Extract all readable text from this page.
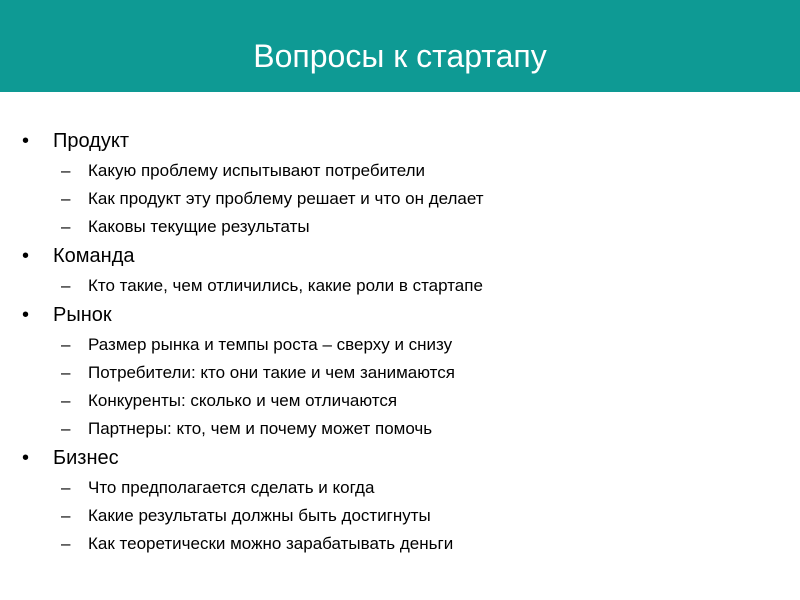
Вопросы к стартапу
• Продукт
– Какую проблему испытывают потребители
– Как продукт эту проблему решает и что он делает
– Каковы текущие результаты
• Команда
– Кто такие, чем отличились, какие роли в стартапе
• Рынок
– Размер рынка и темпы роста – сверху и снизу
– Потребители: кто они такие и чем занимаются
– Конкуренты: сколько и чем отличаются
– Партнеры: кто, чем и почему может помочь
• Бизнес
– Что предполагается сделать и когда
– Какие результаты должны быть достигнуты
– Как теоретически можно зарабатывать деньги
